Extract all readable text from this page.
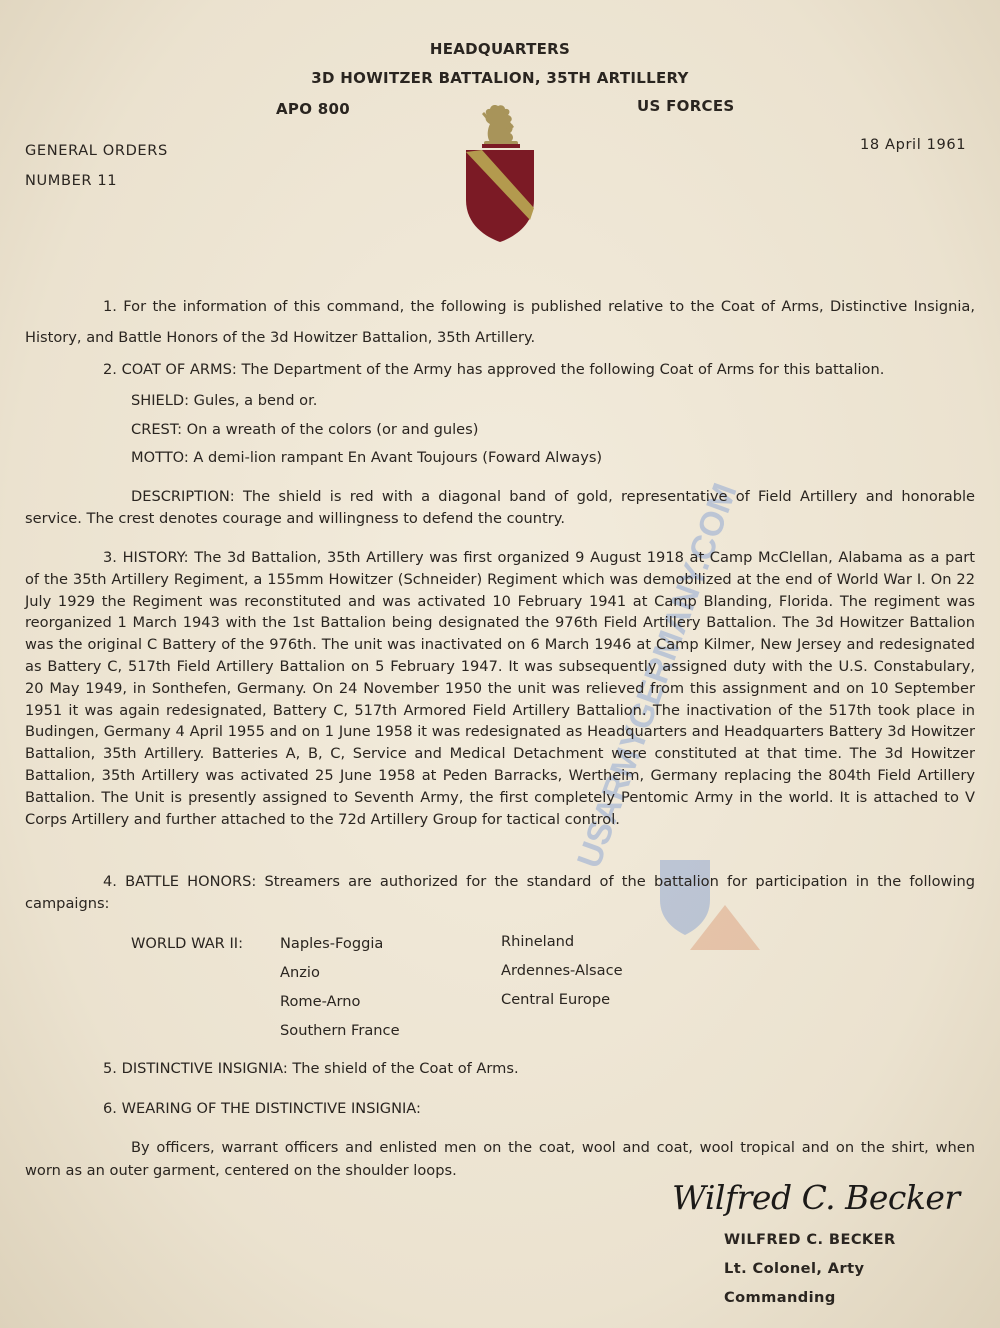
HEADQUARTERS
3D HOWITZER BATTALION, 35TH ARTILLERY
APO 800	US FORCES
GENERAL ORDERS
NUMBER 11
18 April 1961
USARMYGERMANY.COM
1. For the information of this command, the following is published relative to the Coat of Arms, Distinctive Insignia, History, and Battle Honors of the 3d Howitzer Battalion, 35th Artillery.
2. COAT OF ARMS: The Department of the Army has approved the following Coat of Arms for this battalion.
SHIELD: Gules, a bend or.
CREST: On a wreath of the colors (or and gules)
MOTTO: A demi-lion rampant En Avant Toujours (Foward Always)
DESCRIPTION: The shield is red with a diagonal band of gold, representative of Field Artillery and honorable service. The crest denotes courage and willingness to defend the country.
3. HISTORY: The 3d Battalion, 35th Artillery was first organized 9 August 1918 at Camp McClellan, Alabama as a part of the 35th Artillery Regiment, a 155mm Howitzer (Schneider) Regiment which was demobilized at the end of World War I. On 22 July 1929 the Regiment was reconstituted and was activated 10 February 1941 at Camp Blanding, Florida. The regiment was reorganized 1 March 1943 with the 1st Battalion being designated the 976th Field Artillery Battalion. The 3d Howitzer Battalion was the original C Battery of the 976th. The unit was inactivated on 6 March 1946 at Camp Kilmer, New Jersey and redesignated as Battery C, 517th Field Artillery Battalion on 5 February 1947. It was subsequently assigned duty with the U.S. Constabulary, 20 May 1949, in Sonthefen, Germany. On 24 November 1950 the unit was relieved from this assignment and on 10 September 1951 it was again redesignated, Battery C, 517th Armored Field Artillery Battalion. The inactivation of the 517th took place in Budingen, Germany 4 April 1955 and on 1 June 1958 it was redesignated as Headquarters and Headquarters Battery 3d Howitzer Battalion, 35th Artillery. Batteries A, B, C, Service and Medical Detachment were constituted at that time. The 3d Howitzer Battalion, 35th Artillery was activated 25 June 1958 at Peden Barracks, Wertheim, Germany replacing the 804th Field Artillery Battalion. The Unit is presently assigned to Seventh Army, the first completely Pentomic Army in the world. It is attached to V Corps Artillery and further attached to the 72d Artillery Group for tactical control.
4. BATTLE HONORS: Streamers are authorized for the standard of the battalion for participation in the following campaigns:
WORLD WAR II:	Naples-Foggia
Anzio
Rome-Arno
Southern France
Rhineland
Ardennes-Alsace
Central Europe
5. DISTINCTIVE INSIGNIA: The shield of the Coat of Arms.
6. WEARING OF THE DISTINCTIVE INSIGNIA:
By officers, warrant officers and enlisted men on the coat, wool and coat, wool tropical and on the shirt, when worn as an outer garment, centered on the shoulder loops.
Wilfred C. Becker
WILFRED C. BECKER
Lt. Colonel, Arty
Commanding
